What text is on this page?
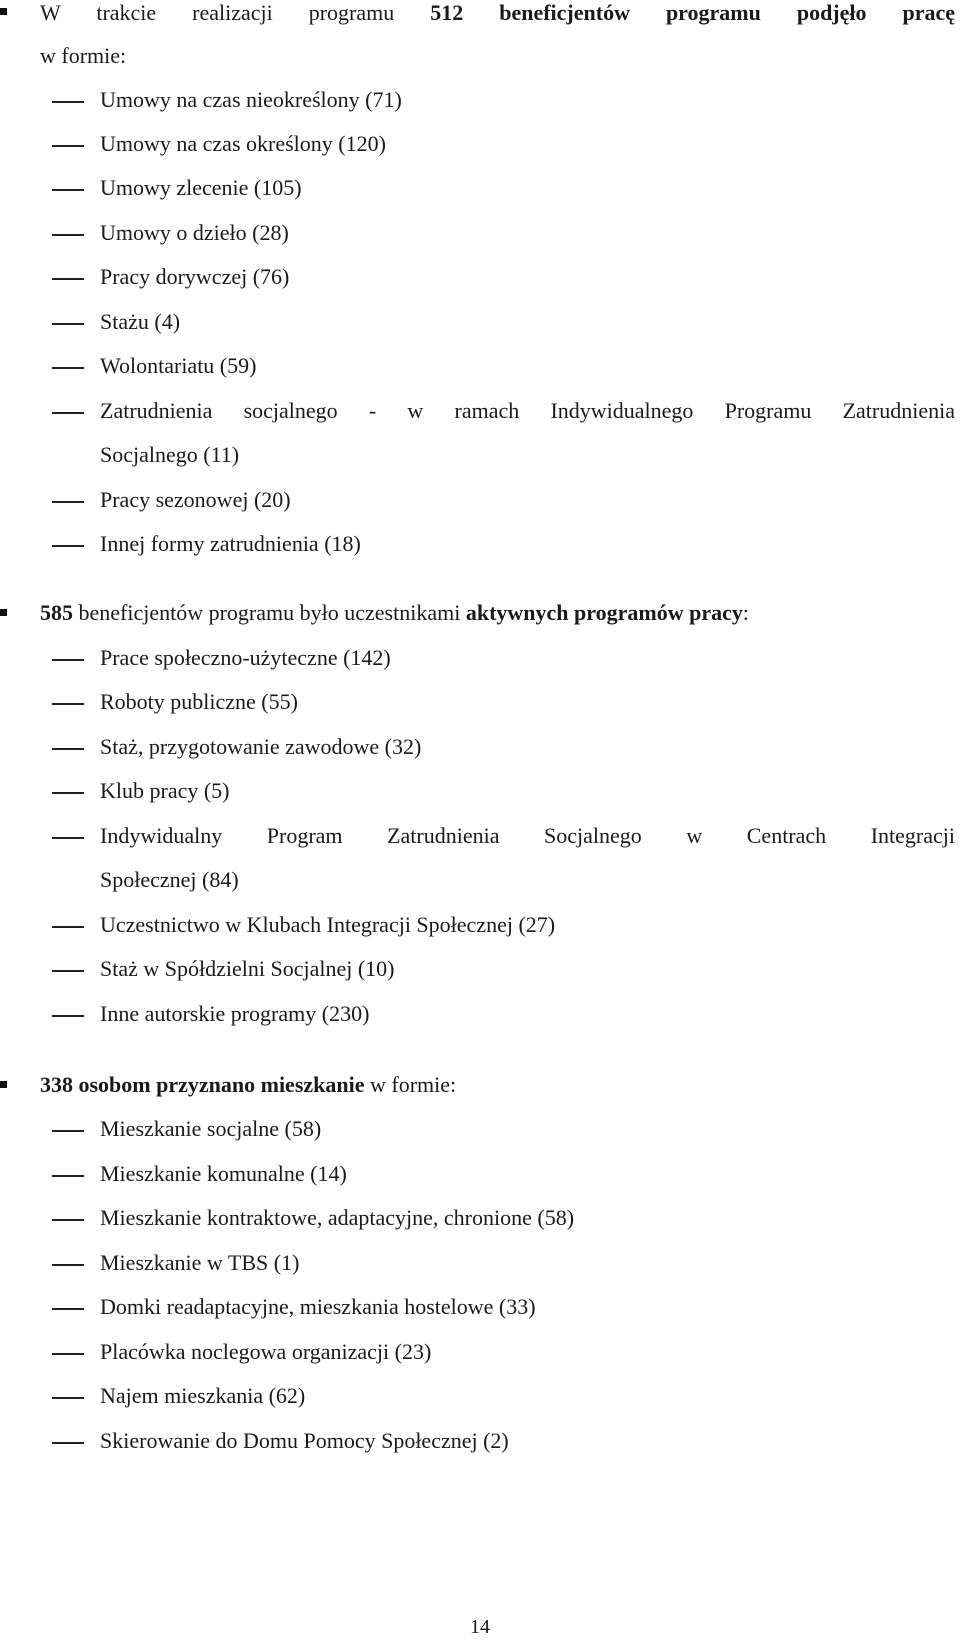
W trakcie realizacji programu 512 beneficjentów programu podjęło pracę
w formie:
Umowy na czas nieokreślony (71)
Umowy na czas określony (120)
Umowy zlecenie (105)
Umowy o dzieło (28)
Pracy dorywczej (76)
Stażu (4)
Wolontariatu (59)
Zatrudnienia socjalnego - w ramach Indywidualnego Programu Zatrudnienia
Socjalnego (11)
Pracy sezonowej (20)
Innej formy zatrudnienia (18)
585 beneficjentów programu było uczestnikami aktywnych programów pracy:
Prace społeczno-użyteczne (142)
Roboty publiczne (55)
Staż, przygotowanie zawodowe (32)
Klub pracy (5)
Indywidualny Program Zatrudnienia Socjalnego w Centrach Integracji
Społecznej (84)
Uczestnictwo w Klubach Integracji Społecznej (27)
Staż w Spółdzielni Socjalnej (10)
Inne autorskie programy (230)
338 osobom przyznano mieszkanie w formie:
Mieszkanie socjalne (58)
Mieszkanie komunalne (14)
Mieszkanie kontraktowe, adaptacyjne, chronione (58)
Mieszkanie w TBS (1)
Domki readaptacyjne, mieszkania hostelowe (33)
Placówka noclegowa organizacji (23)
Najem mieszkania (62)
Skierowanie do Domu Pomocy Społecznej (2)
14
